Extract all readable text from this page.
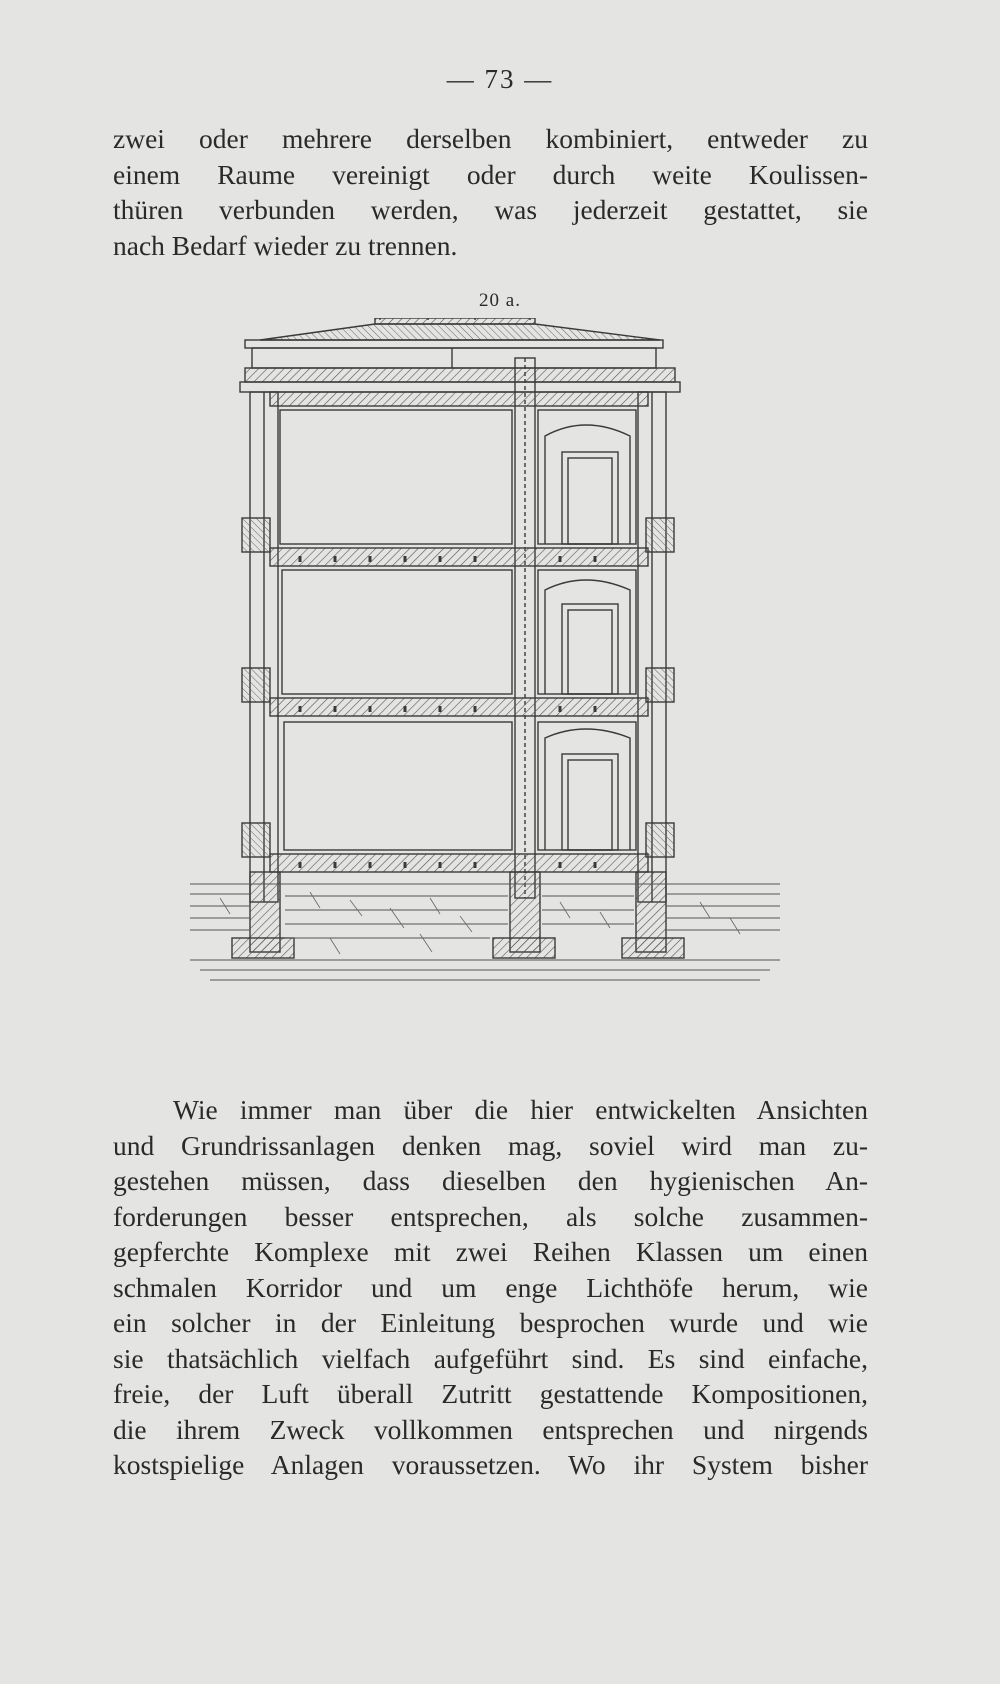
— 73 —
zwei oder mehrere derselben kombiniert, entweder zu
einem Raume vereinigt oder durch weite Koulissen-
thüren verbunden werden, was jederzeit gestattet, sie
nach Bedarf wieder zu trennen.
20 a.
Wie immer man über die hier entwickelten Ansichten
und Grundrissanlagen denken mag, soviel wird man zu-
gestehen müssen, dass dieselben den hygienischen An-
forderungen besser entsprechen, als solche zusammen-
gepferchte Komplexe mit zwei Reihen Klassen um einen
schmalen Korridor und um enge Lichthöfe herum, wie
ein solcher in der Einleitung besprochen wurde und wie
sie thatsächlich vielfach aufgeführt sind. Es sind einfache,
freie, der Luft überall Zutritt gestattende Kompositionen,
die ihrem Zweck vollkommen entsprechen und nirgends
kostspielige Anlagen voraussetzen. Wo ihr System bisher
